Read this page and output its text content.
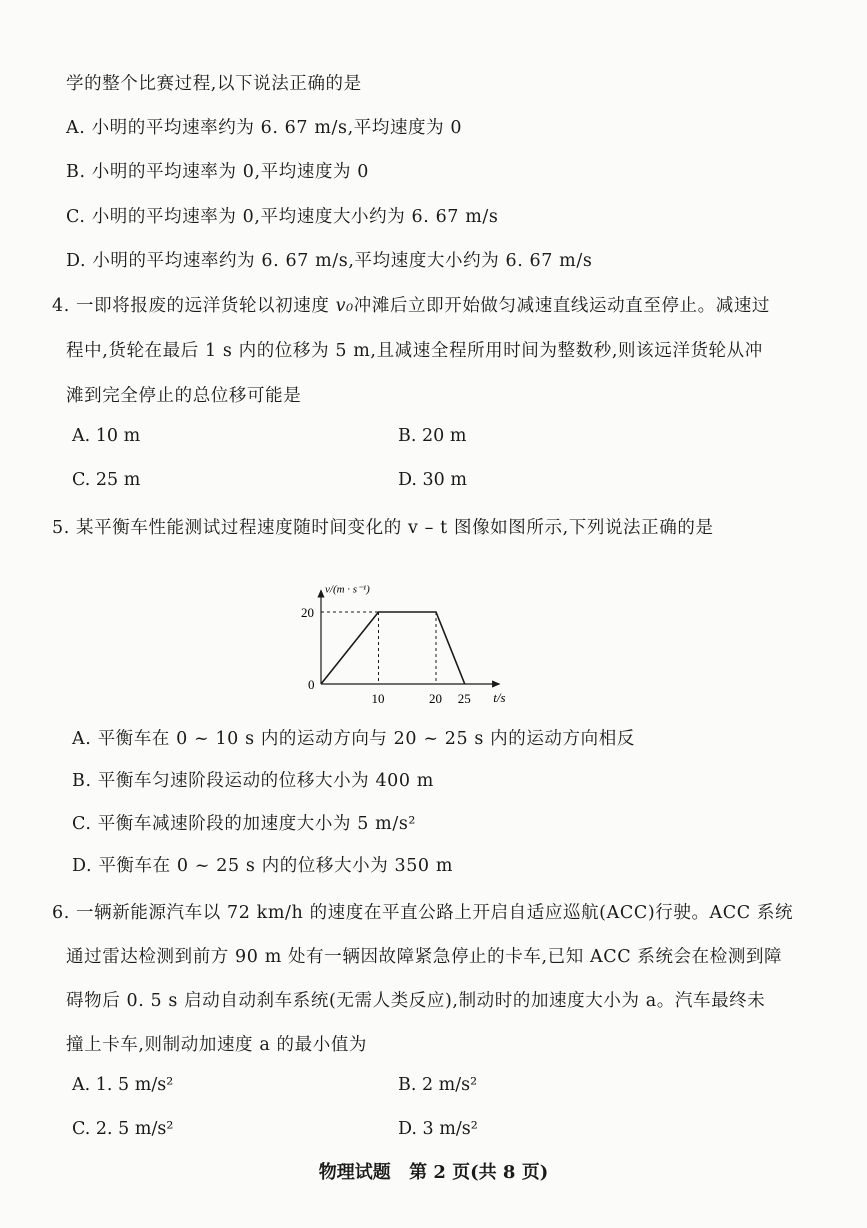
学的整个比赛过程,以下说法正确的是
A. 小明的平均速率约为 6. 67 m/s,平均速度为 0
B. 小明的平均速率为 0,平均速度为 0
C. 小明的平均速率为 0,平均速度大小约为 6. 67 m/s
D. 小明的平均速率约为 6. 67 m/s,平均速度大小约为 6. 67 m/s
4. 一即将报废的远洋货轮以初速度 v₀冲滩后立即开始做匀减速直线运动直至停止。减速过
程中,货轮在最后 1 s 内的位移为 5 m,且减速全程所用时间为整数秒,则该远洋货轮从冲
滩到完全停止的总位移可能是
A. 10 m	B. 20 m
C. 25 m	D. 30 m
5. 某平衡车性能测试过程速度随时间变化的 v – t 图像如图所示,下列说法正确的是
t/s
v/(m · s⁻¹)
0
10	20 25
20
A. 平衡车在 0 ~ 10 s 内的运动方向与 20 ~ 25 s 内的运动方向相反
B. 平衡车匀速阶段运动的位移大小为 400 m
C. 平衡车减速阶段的加速度大小为 5 m/s²
D. 平衡车在 0 ~ 25 s 内的位移大小为 350 m
6. 一辆新能源汽车以 72 km/h 的速度在平直公路上开启自适应巡航(ACC)行驶。ACC 系统
通过雷达检测到前方 90 m 处有一辆因故障紧急停止的卡车,已知 ACC 系统会在检测到障
碍物后 0. 5 s 启动自动刹车系统(无需人类反应),制动时的加速度大小为 a。汽车最终未
撞上卡车,则制动加速度 a 的最小值为
A. 1. 5 m/s²	B. 2 m/s²
C. 2. 5 m/s²	D. 3 m/s²
物理试题 第 2 页(共 8 页)
